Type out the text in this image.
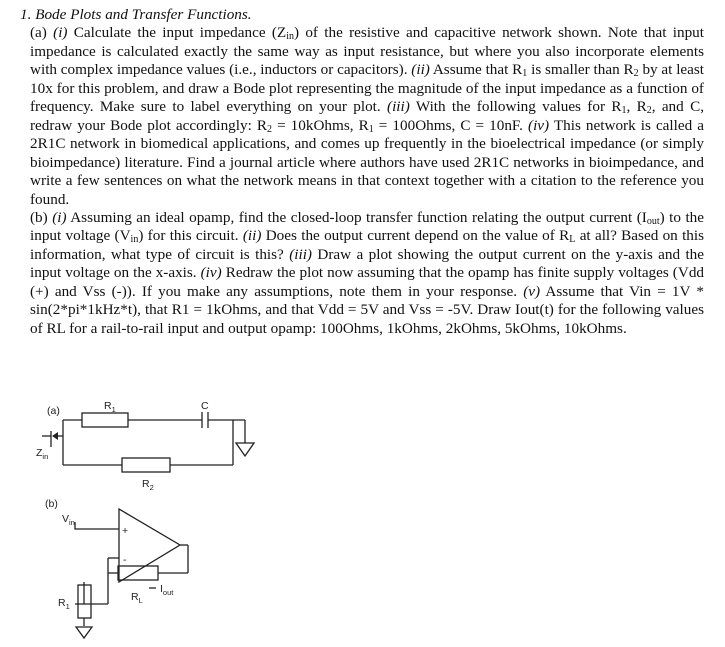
1. Bode Plots and Transfer Functions.

(a) (i) Calculate the input impedance $(Z_{in})$ of the resistive and capacitive network shown. Note that input impedance is calculated exactly the same way as input resistance, but where you also incorporate elements with complex impedance values (i.e., inductors or capacitors). (ii) Assume that $R_1$ is smaller than $R_2$ by at least 10x for this problem, and draw a Bode plot representing the magnitude of the input impedance as a function of frequency. Make sure to label everything on your plot. (iii) With the following values for $R_1$, $R_2$, and C, redraw your Bode plot accordingly: $R_2$ = 10kOhms, $R_1$ = 100Ohms, C = 10nF. (iv) This network is called a 2R1C network in biomedical applications, and comes up frequently in the bioelectrical impedance (or simply bioimpedance) literature. Find a journal article where authors have used 2R1C networks in bioimpedance, and write a few sentences on what the network means in that context together with a citation to the reference you found.

(b) (i) Assuming an ideal opamp, find the closed-loop transfer function relating the output current $(I_{out})$ to the input voltage $(V_{in})$ for this circuit. (ii) Does the output current depend on the value of $R_L$ at all? Based on this information, what type of circuit is this? (iii) Draw a plot showing the output current on the y-axis and the input voltage on the x-axis. (iv) Redraw the plot now assuming that the opamp has finite supply voltages (Vdd (+) and Vss (-)). If you make any assumptions, note them in your response. (v) Assume that Vin = 1V * sin(2*pi*1kHz*t), that R1 = 1kOhms, and that Vdd = 5V and Vss = -5V. Draw Iout(t) for the following values of RL for a rail-to-rail input and output opamp: 100Ohms, 1kOhms, 2kOhms, 5kOhms, 10kOhms.

(a)	$R_1$	C
$R_2$
$Z_{in}$
(b)
$V_{in}$
+
-
$R_L$
$I_{out}$
$R_1$
